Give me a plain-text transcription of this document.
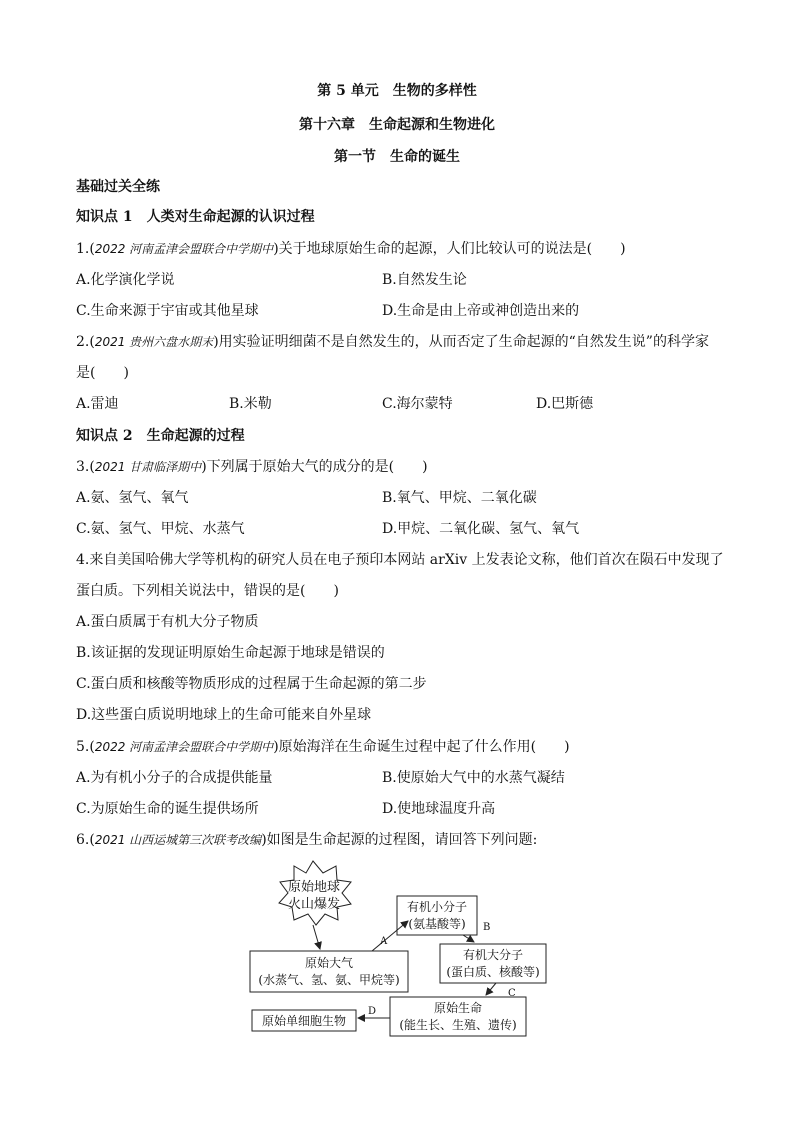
第 5 单元　生物的多样性
第十六章　生命起源和生物进化
第一节　生命的诞生
基础过关全练
知识点 1　人类对生命起源的认识过程
1.(2022 河南孟津会盟联合中学期中)关于地球原始生命的起源，人们比较认可的说法是(　　)
A.化学演化学说	B.自然发生论
C.生命来源于宇宙或其他星球	D.生命是由上帝或神创造出来的
2.(2021 贵州六盘水期末)用实验证明细菌不是自然发生的，从而否定了生命起源的“自然发生说”的科学家
是(　　)
A.雷迪	B.米勒	C.海尔蒙特	D.巴斯德
知识点 2　生命起源的过程
3.(2021 甘肃临泽期中)下列属于原始大气的成分的是(　　)
A.氨、氢气、氧气	B.氧气、甲烷、二氧化碳
C.氨、氢气、甲烷、水蒸气	D.甲烷、二氧化碳、氢气、氧气
4.来自美国哈佛大学等机构的研究人员在电子预印本网站 arXiv 上发表论文称，他们首次在陨石中发现了
蛋白质。下列相关说法中，错误的是(　　)
A.蛋白质属于有机大分子物质
B.该证据的发现证明原始生命起源于地球是错误的
C.蛋白质和核酸等物质形成的过程属于生命起源的第二步
D.这些蛋白质说明地球上的生命可能来自外星球
5.(2022 河南孟津会盟联合中学期中)原始海洋在生命诞生过程中起了什么作用(　　)
A.为有机小分子的合成提供能量	B.使原始大气中的水蒸气凝结
C.为原始生命的诞生提供场所	D.使地球温度升高
6.(2021 山西运城第三次联考改编)如图是生命起源的过程图，请回答下列问题:
原始地球
火山爆发
原始大气
(水蒸气、氢、氨、甲烷等)
有机小分子
(氨基酸等)
有机大分子
(蛋白质、核酸等)
原始生命
(能生长、生殖、遗传)
原始单细胞生物
A
B
C
D
